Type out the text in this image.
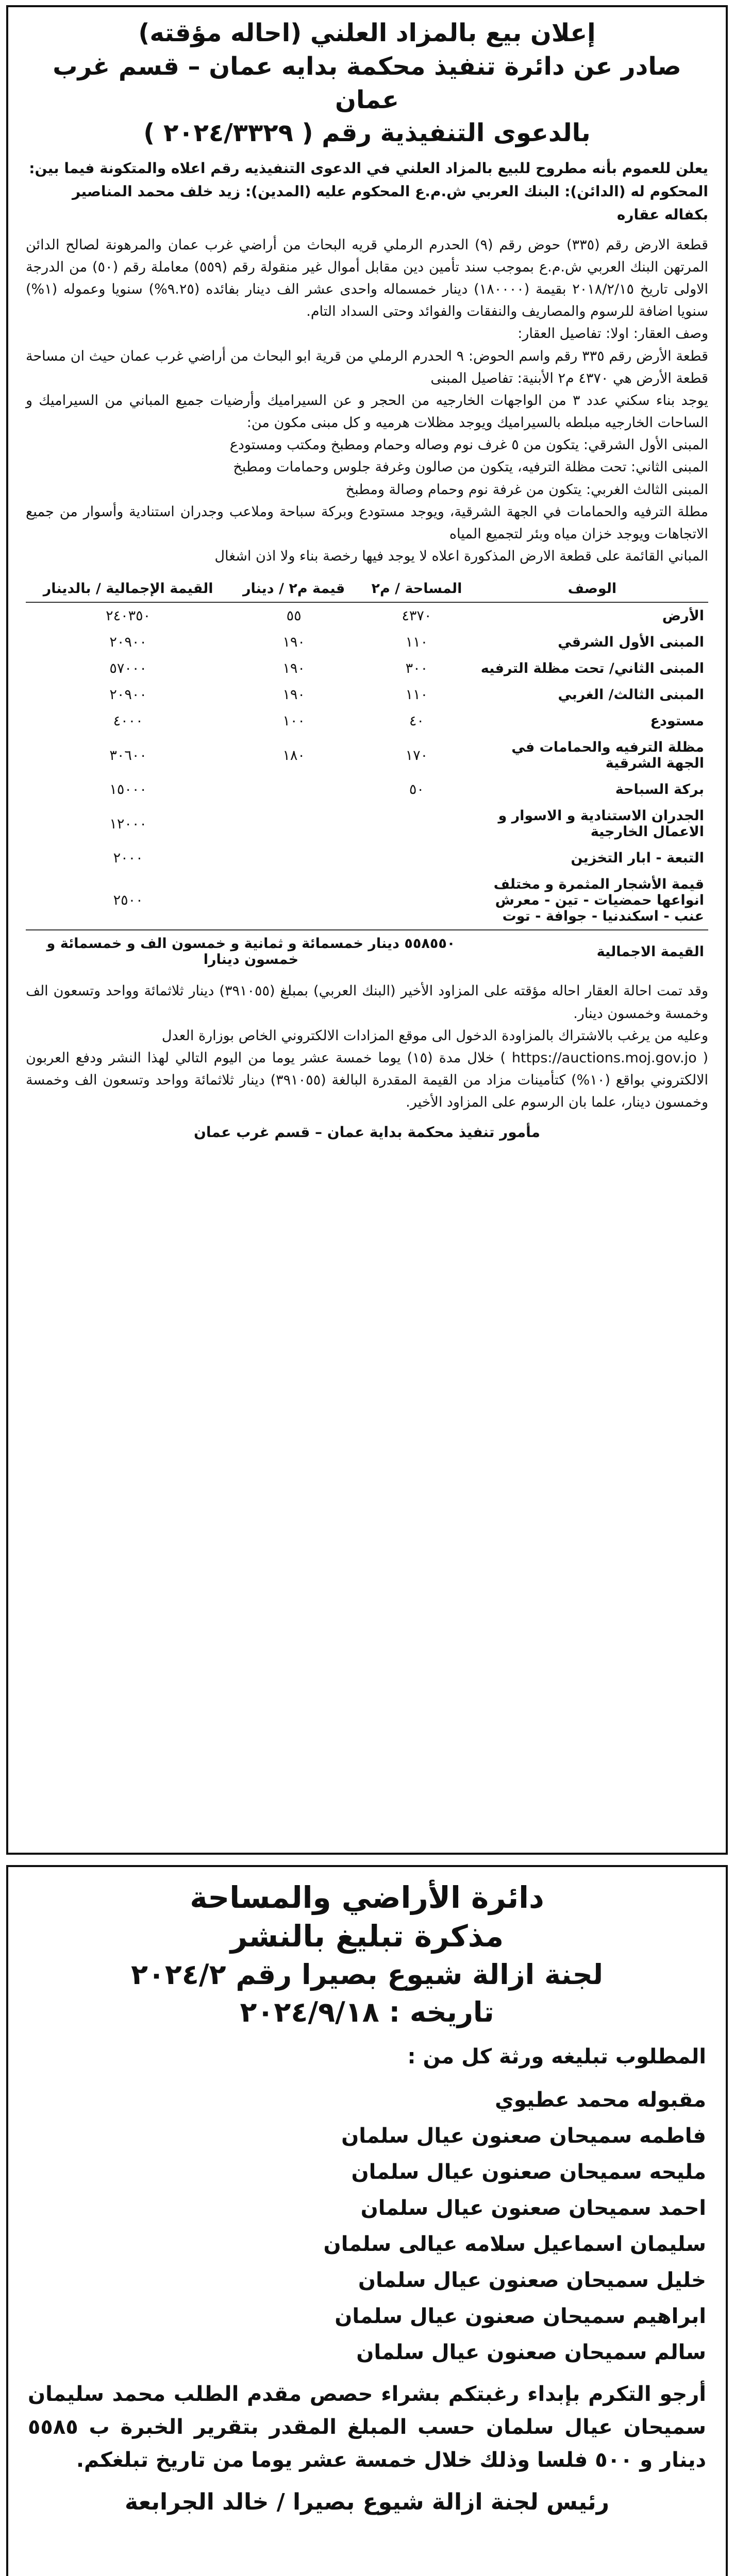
إعلان بيع بالمزاد العلني (احاله مؤقته)

صادر عن دائرة تنفيذ محكمة بدايه عمان – قسم غرب عمان

بالدعوى التنفيذية رقم ( ٢٠٢٤/٣٣٢٩ )

يعلن للعموم بأنه مطروح للبيع بالمزاد العلني في الدعوى التنفيذيه رقم اعلاه والمتكونة فيما بين: المحكوم له (الدائن): البنك العربي ش.م.ع المحكوم عليه (المدين): زيد خلف محمد المناصير بكفاله عقاره

قطعة الارض رقم (٣٣٥) حوض رقم (٩) الحدرم الرملي قريه البحاث من أراضي غرب عمان والمرهونة لصالح الدائن المرتهن البنك العربي ش.م.ع بموجب سند تأمين دين مقابل أموال غير منقولة رقم (٥٥٩) معاملة رقم (٥٠) من الدرجة الاولى تاريخ ٢٠١٨/٢/١٥ بقيمة (١٨٠٠٠٠) دينار خمسماله واحدى عشر الف دينار بفائده (٩.٢٥%) سنويا وعموله (١%) سنويا اضافة للرسوم والمصاريف والنفقات والفوائد وحتى السداد التام.

وصف العقار: اولا: تفاصيل العقار:

قطعة الأرض رقم ٣٣٥ رقم واسم الحوض: ٩ الحدرم الرملي من قرية ابو البحاث من أراضي غرب عمان حيث ان مساحة قطعة الأرض هي ٤٣٧٠ م٢ الأبنية: تفاصيل المبنى

يوجد بناء سكني عدد ٣ من الواجهات الخارجيه من الحجر و عن السيراميك وأرضيات جميع المباني من السيراميك و الساحات الخارجيه مبلطه بالسيراميك ويوجد مظلات هرميه و كل مبنى مكون من:

المبنى الأول الشرقي: يتكون من ٥ غرف نوم وصاله وحمام ومطبخ ومكتب ومستودع

المبنى الثاني: تحت مظلة الترفيه، يتكون من صالون وغرفة جلوس وحمامات ومطبخ

المبنى الثالث الغربي: يتكون من غرفة نوم وحمام وصالة ومطبخ

مطلة الترفيه والحمامات في الجهة الشرقية، ويوجد مستودع وبركة سباحة وملاعب وجدران استنادية وأسوار من جميع الاتجاهات ويوجد خزان مياه وبئر لتجميع المياه

المباني القائمة على قطعة الارض المذكورة اعلاه لا يوجد فيها رخصة بناء ولا اذن اشغال

الوصف	المساحة / م٢	قيمة م٢ / دينار	القيمة الإجمالية / بالدينار
الأرض	٤٣٧٠	٥٥	٢٤٠٣٥٠
المبنى الأول الشرقي	١١٠	١٩٠	٢٠٩٠٠
المبنى الثاني/ تحت مظلة الترفيه	٣٠٠	١٩٠	٥٧٠٠٠
المبنى الثالث/ الغربي	١١٠	١٩٠	٢٠٩٠٠
مستودع	٤٠	١٠٠	٤٠٠٠
مظلة الترفيه والحمامات في الجهة الشرقية	١٧٠	١٨٠	٣٠٦٠٠
بركة السباحة	٥٠		١٥٠٠٠
الجدران الاستنادية و الاسوار و الاعمال الخارجية			١٢٠٠٠
التبعة - ابار التخزين			٢٠٠٠
قيمة الأشجار المثمرة و مختلف انواعها حمضيات - تين - معرش عنب - اسكندنيا - جوافة - توت			٢٥٠٠
القيمة الاجمالية	٥٥٨٥٥٠ دينار خمسمائة و ثمانية و خمسون الف و خمسمائة و خمسون دينارا		

وقد تمت احالة العقار احاله مؤقته على المزاود الأخير (البنك العربي) بمبلغ (٣٩١٠٥٥) دينار ثلاثمائة وواحد وتسعون الف وخمسة وخمسون دينار.

وعليه من يرغب بالاشتراك بالمزاودة الدخول الى موقع المزادات الالكتروني الخاص بوزارة العدل

( https://auctions.moj.gov.jo ) خلال مدة (١٥) يوما خمسة عشر يوما من اليوم التالي لهذا النشر ودفع العربون الالكتروني بواقع (١٠%) كتأمينات مزاد من القيمة المقدرة البالغة (٣٩١٠٥٥) دينار ثلاثمائة وواحد وتسعون الف وخمسة وخمسون دينار، علما بان الرسوم على المزاود الأخير.

مأمور تنفيذ محكمة بداية عمان – قسم غرب عمان

دائرة الأراضي والمساحة
مذكرة تبليغ بالنشر
لجنة ازالة شيوع بصيرا رقم ٢٠٢٤/٢
تاريخه : ٢٠٢٤/٩/١٨
المطلوب تبليغه ورثة كل من :
مقبوله محمد عطيوي
فاطمه سميحان صعنون عيال سلمان
مليحه سميحان صعنون عيال سلمان
احمد سميحان صعنون عيال سلمان
سليمان اسماعيل سلامه عيالى سلمان
خليل سميحان صعنون عيال سلمان
ابراهيم سميحان صعنون عيال سلمان
سالم سميحان صعنون عيال سلمان
أرجو التكرم بإبداء رغبتكم بشراء حصص مقدم الطلب محمد سليمان سميحان عيال سلمان حسب المبلغ المقدر بتقرير الخبرة ب ٥٥٨٥ دينار و ٥٠٠ فلسا وذلك خلال خمسة عشر يوما من تاريخ تبلغكم.
رئيس لجنة ازالة شيوع بصيرا / خالد الجرابعة
